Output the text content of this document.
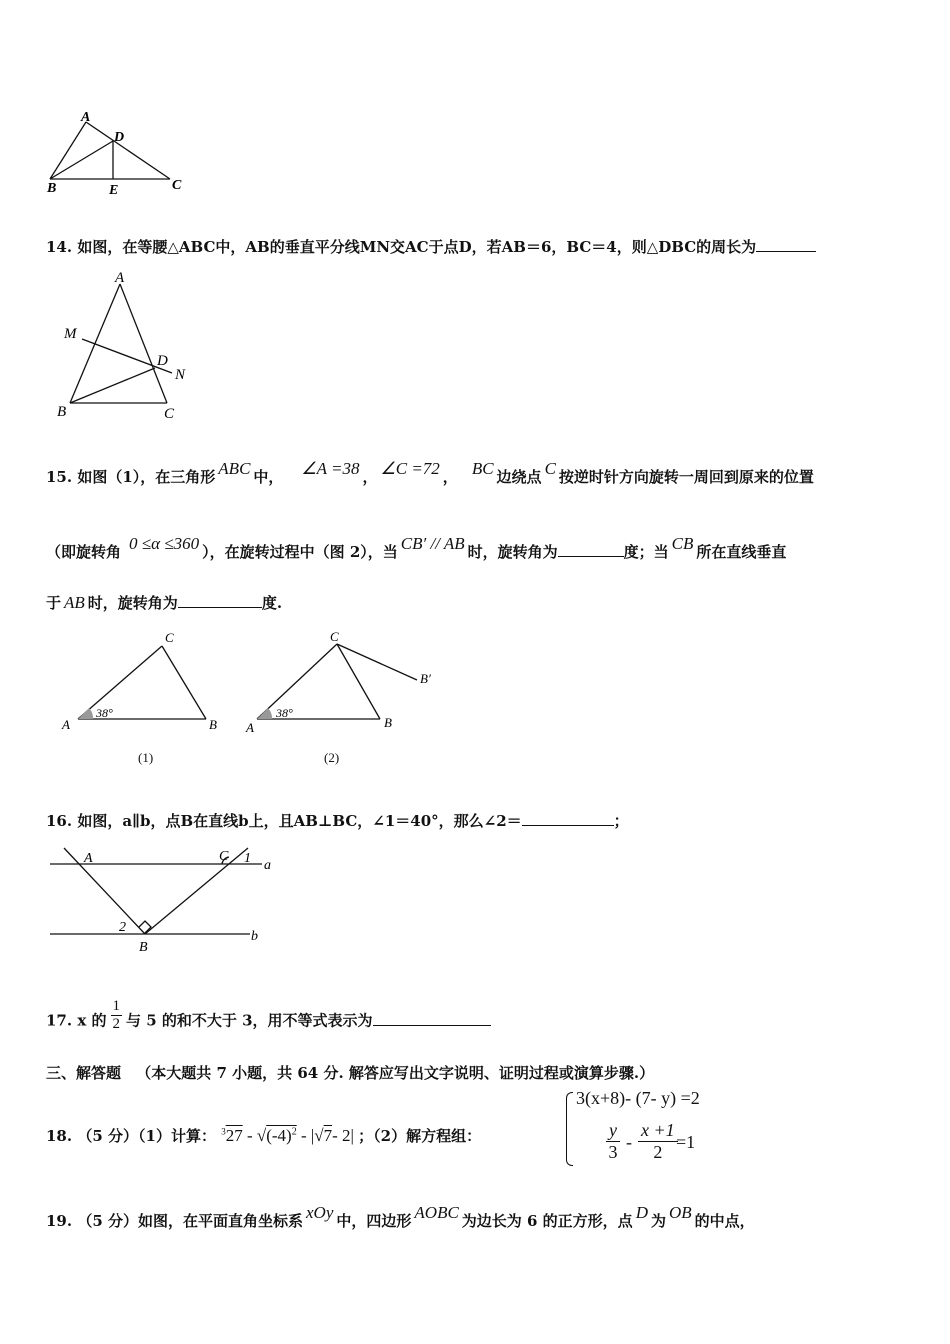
A
D
B	E	C
14. 如图，在等腰△ABC中，AB的垂直平分线MN交AC于点D，若AB＝6，BC＝4，则△DBC的周长为
A
M
D
N
B	C
15. 如图（1），在三角形 ABC 中， ∠A =38 ， ∠C =72 ， BC 边绕点 C 按逆时针方向旋转一周回到原来的位置
（即旋转角 0 ≤α ≤360 ），在旋转过程中（图 2），当 CB′ // AB 时，旋转角为	度；当 CB 所在直线垂直
于 AB 时，旋转角为	度.
C
A	B
38°
C
B′
A	B
38°
(1)	(2)
16. 如图，a∥b，点B在直线b上，且AB⊥BC，∠1＝40°，那么∠2＝	；
A	C 1 a
2
B
b
17. x 的 $\frac{1}{2}$ 与 5 的和不大于 3，用不等式表示为
三、解答题 （本大题共 7 小题，共 64 分. 解答应写出文字说明、证明过程或演算步骤.）
18. （5 分）（1）计算： $^327 - √(-4)^2 - |√7-$ 2| ；（2）解方程组：
3(x+8)- (7- y) =2
y
3 -
x +1
2 =1
19. （5 分）如图，在平面直角坐标系 xOy 中，四边形 AOBC 为边长为 6 的正方形，点 D 为 OB 的中点，
